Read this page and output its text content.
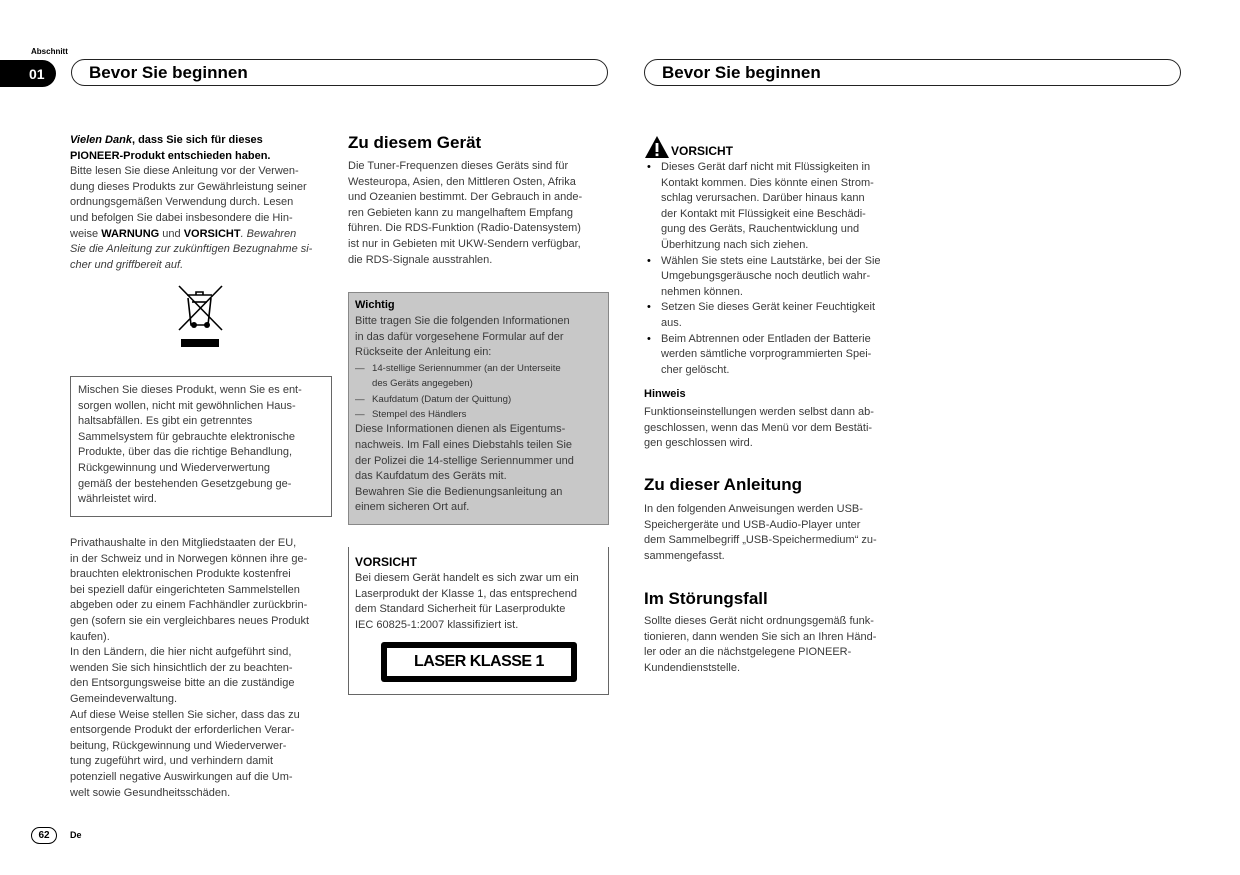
Abschnitt
01	Bevor Sie beginnen	Bevor Sie beginnen

Vielen Dank, dass Sie sich für dieses

PIONEER-Produkt entschieden haben.

Bitte lesen Sie diese Anleitung vor der Verwen-

dung dieses Produkts zur Gewährleistung seiner

ordnungsgemäßen Verwendung durch. Lesen

und befolgen Sie dabei insbesondere die Hin-

weise WARNUNG und VORSICHT. Bewahren

Sie die Anleitung zur zukünftigen Bezugnahme si-

cher und griffbereit auf.

Mischen Sie dieses Produkt, wenn Sie es ent-

sorgen wollen, nicht mit gewöhnlichen Haus-

haltsabfällen. Es gibt ein getrenntes

Sammelsystem für gebrauchte elektronische

Produkte, über das die richtige Behandlung,

Rückgewinnung und Wiederverwertung

gemäß der bestehenden Gesetzgebung ge-

währleistet wird.

Privathaushalte in den Mitgliedstaaten der EU,

in der Schweiz und in Norwegen können ihre ge-

brauchten elektronischen Produkte kostenfrei

bei speziell dafür eingerichteten Sammelstellen

abgeben oder zu einem Fachhändler zurückbrin-

gen (sofern sie ein vergleichbares neues Produkt

kaufen).

In den Ländern, die hier nicht aufgeführt sind,

wenden Sie sich hinsichtlich der zu beachten-

den Entsorgungsweise bitte an die zuständige

Gemeindeverwaltung.

Auf diese Weise stellen Sie sicher, dass das zu

entsorgende Produkt der erforderlichen Verar-

beitung, Rückgewinnung und Wiederverwer-

tung zugeführt wird, und verhindern damit

potenziell negative Auswirkungen auf die Um-

welt sowie Gesundheitsschäden.

Zu diesem Gerät

Die Tuner-Frequenzen dieses Geräts sind für

Westeuropa, Asien, den Mittleren Osten, Afrika

und Ozeanien bestimmt. Der Gebrauch in ande-

ren Gebieten kann zu mangelhaftem Empfang

führen. Die RDS-Funktion (Radio-Datensystem)

ist nur in Gebieten mit UKW-Sendern verfügbar,

die RDS-Signale ausstrahlen.

Wichtig

Bitte tragen Sie die folgenden Informationen

in das dafür vorgesehene Formular auf der

Rückseite der Anleitung ein:

— 14-stellige Seriennummer (an der Unterseite
des Geräts angegeben)
— Kaufdatum (Datum der Quittung)
— Stempel des Händlers

Diese Informationen dienen als Eigentums-

nachweis. Im Fall eines Diebstahls teilen Sie

der Polizei die 14-stellige Seriennummer und

das Kaufdatum des Geräts mit.

Bewahren Sie die Bedienungsanleitung an

einem sicheren Ort auf.

VORSICHT

Bei diesem Gerät handelt es sich zwar um ein

Laserprodukt der Klasse 1, das entsprechend

dem Standard Sicherheit für Laserprodukte

IEC 60825-1:2007 klassifiziert ist.

LASER KLASSE 1
VORSICHT
• Dieses Gerät darf nicht mit Flüssigkeiten in
Kontakt kommen. Dies könnte einen Strom-
schlag verursachen. Darüber hinaus kann
der Kontakt mit Flüssigkeit eine Beschädi-
gung des Geräts, Rauchentwicklung und
Überhitzung nach sich ziehen.
• Wählen Sie stets eine Lautstärke, bei der Sie
Umgebungsgeräusche noch deutlich wahr-
nehmen können.
• Setzen Sie dieses Gerät keiner Feuchtigkeit
aus.
• Beim Abtrennen oder Entladen der Batterie
werden sämtliche vorprogrammierten Spei-
cher gelöscht.
Hinweis

Funktionseinstellungen werden selbst dann ab-

geschlossen, wenn das Menü vor dem Bestäti-

gen geschlossen wird.

Zu dieser Anleitung

In den folgenden Anweisungen werden USB-

Speichergeräte und USB-Audio-Player unter

dem Sammelbegriff „USB-Speichermedium“ zu-

sammengefasst.

Im Störungsfall

Sollte dieses Gerät nicht ordnungsgemäß funk-

tionieren, dann wenden Sie sich an Ihren Händ-

ler oder an die nächstgelegene PIONEER-

Kundendienststelle.

62	De
